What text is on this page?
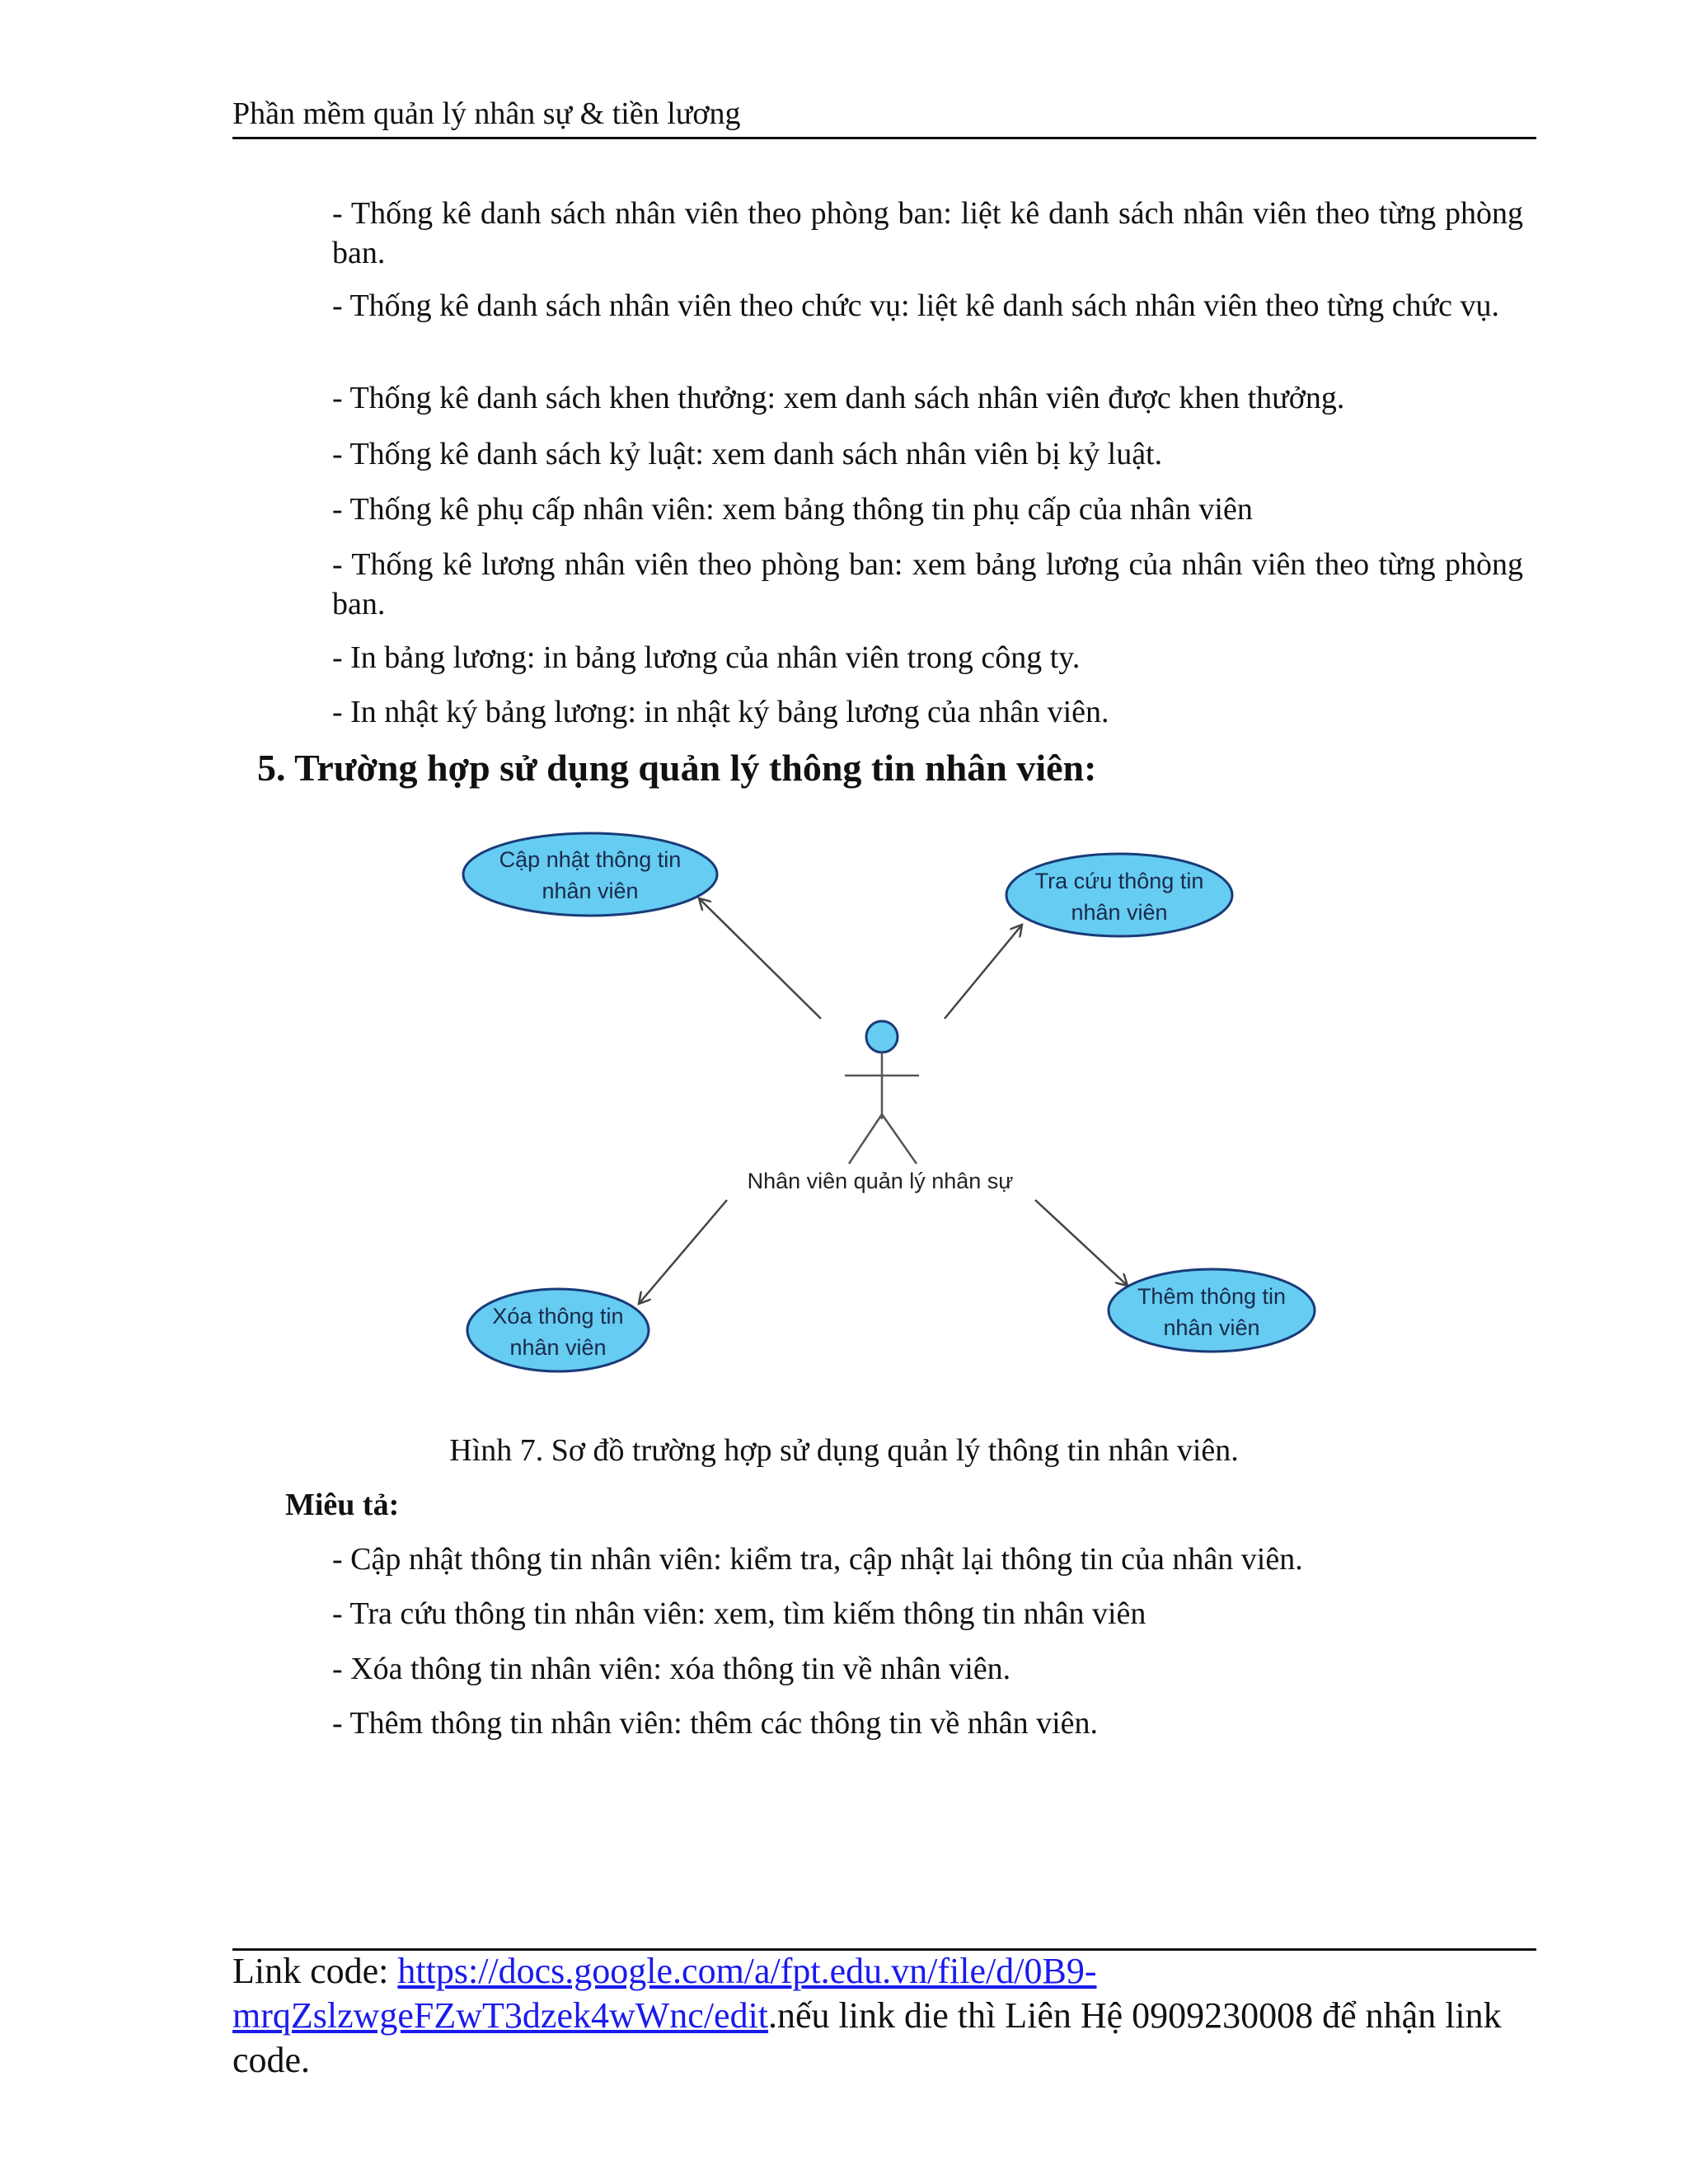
Phần mềm quản lý nhân sự & tiền lương
- Thống kê danh sách nhân viên theo phòng ban: liệt kê danh sách nhân viên theo từng phòng ban.
- Thống kê danh sách nhân viên theo chức vụ: liệt kê danh sách nhân viên theo từng chức vụ.
- Thống kê danh sách khen thưởng: xem danh sách nhân viên được khen thưởng.
- Thống kê danh sách kỷ luật: xem danh sách nhân viên bị kỷ luật.
- Thống kê phụ cấp nhân viên: xem bảng thông tin phụ cấp của nhân viên
- Thống kê lương nhân viên theo phòng ban: xem bảng lương của nhân viên theo từng phòng ban.
- In bảng lương: in bảng lương của nhân viên trong công ty.
- In nhật ký bảng lương: in nhật ký bảng lương của nhân viên.
5. Trường hợp sử dụng quản lý thông tin nhân viên:
Nhân viên quản lý nhân sự
Cập nhật thông tin
nhân viên	Tra cứu thông tin
nhân viên
Xóa thông tin
nhân viên
Thêm thông tin
nhân viên
Hình 7. Sơ đồ trường hợp sử dụng quản lý thông tin nhân viên.
Miêu tả:
- Cập nhật thông tin nhân viên: kiểm tra, cập nhật lại thông tin của nhân viên.
- Tra cứu thông tin nhân viên: xem, tìm kiếm thông tin nhân viên
- Xóa thông tin nhân viên: xóa thông tin về nhân viên.
- Thêm thông tin nhân viên: thêm các thông tin về nhân viên.
Link code: https://docs.google.com/a/fpt.edu.vn/file/d/0B9-mrqZslzwgeFZwT3dzek4wWnc/edit.nếu link die thì Liên Hệ 0909230008 để nhận link code.
